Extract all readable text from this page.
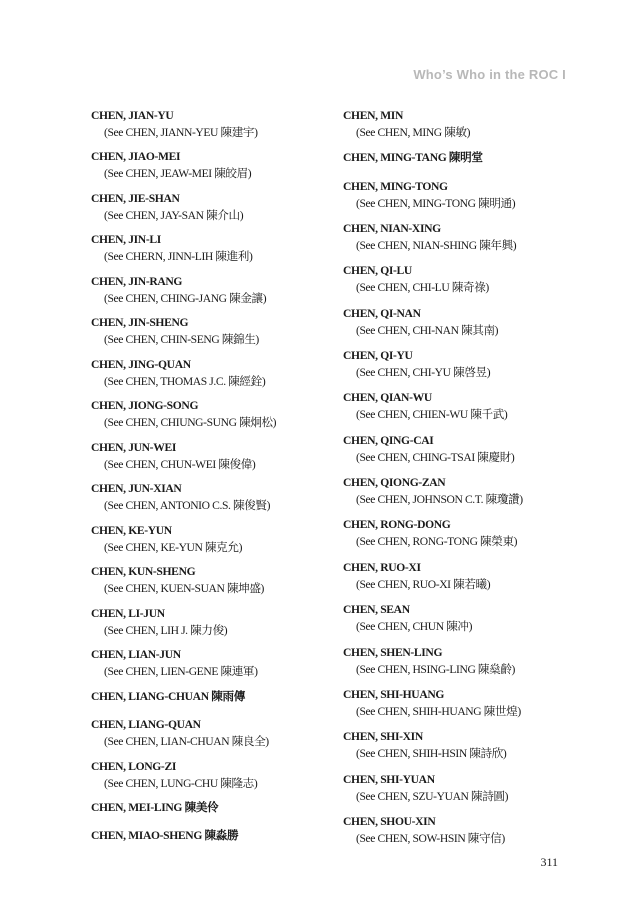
Who’s Who in the ROC I
CHEN, JIAN-YU
(See CHEN, JIANN-YEU 陳建宇)
CHEN, JIAO-MEI
(See CHEN, JEAW-MEI 陳皎眉)
CHEN, JIE-SHAN
(See CHEN, JAY-SAN 陳介山)
CHEN, JIN-LI
(See CHERN, JINN-LIH 陳進利)
CHEN, JIN-RANG
(See CHEN, CHING-JANG 陳金讓)
CHEN, JIN-SHENG
(See CHEN, CHIN-SENG 陳錦生)
CHEN, JING-QUAN
(See CHEN, THOMAS J.C. 陳經銓)
CHEN, JIONG-SONG
(See CHEN, CHIUNG-SUNG 陳炯松)
CHEN, JUN-WEI
(See CHEN, CHUN-WEI 陳俊偉)
CHEN, JUN-XIAN
(See CHEN, ANTONIO C.S. 陳俊賢)
CHEN, KE-YUN
(See CHEN, KE-YUN 陳克允)
CHEN, KUN-SHENG
(See CHEN, KUEN-SUAN 陳坤盛)
CHEN, LI-JUN
(See CHEN, LIH J. 陳力俊)
CHEN, LIAN-JUN
(See CHEN, LIEN-GENE 陳連軍)
CHEN, LIANG-CHUAN 陳雨傳
CHEN, LIANG-QUAN
(See CHEN, LIAN-CHUAN 陳良全)
CHEN, LONG-ZI
(See CHEN, LUNG-CHU 陳隆志)
CHEN, MEI-LING 陳美伶
CHEN, MIAO-SHENG 陳淼勝
CHEN, MIN
(See CHEN, MING 陳敏)
CHEN, MING-TANG 陳明堂
CHEN, MING-TONG
(See CHEN, MING-TONG 陳明通)
CHEN, NIAN-XING
(See CHEN, NIAN-SHING 陳年興)
CHEN, QI-LU
(See CHEN, CHI-LU 陳奇祿)
CHEN, QI-NAN
(See CHEN, CHI-NAN 陳其南)
CHEN, QI-YU
(See CHEN, CHI-YU 陳啓昱)
CHEN, QIAN-WU
(See CHEN, CHIEN-WU 陳千武)
CHEN, QING-CAI
(See CHEN, CHING-TSAI 陳慶財)
CHEN, QIONG-ZAN
(See CHEN, JOHNSON C.T. 陳瓊讚)
CHEN, RONG-DONG
(See CHEN, RONG-TONG 陳榮東)
CHEN, RUO-XI
(See CHEN, RUO-XI 陳若曦)
CHEN, SEAN
(See CHEN, CHUN 陳冲)
CHEN, SHEN-LING
(See CHEN, HSING-LING 陳燊齡)
CHEN, SHI-HUANG
(See CHEN, SHIH-HUANG 陳世煌)
CHEN, SHI-XIN
(See CHEN, SHIH-HSIN 陳詩欣)
CHEN, SHI-YUAN
(See CHEN, SZU-YUAN 陳詩圓)
CHEN, SHOU-XIN
(See CHEN, SOW-HSIN 陳守信)
311
